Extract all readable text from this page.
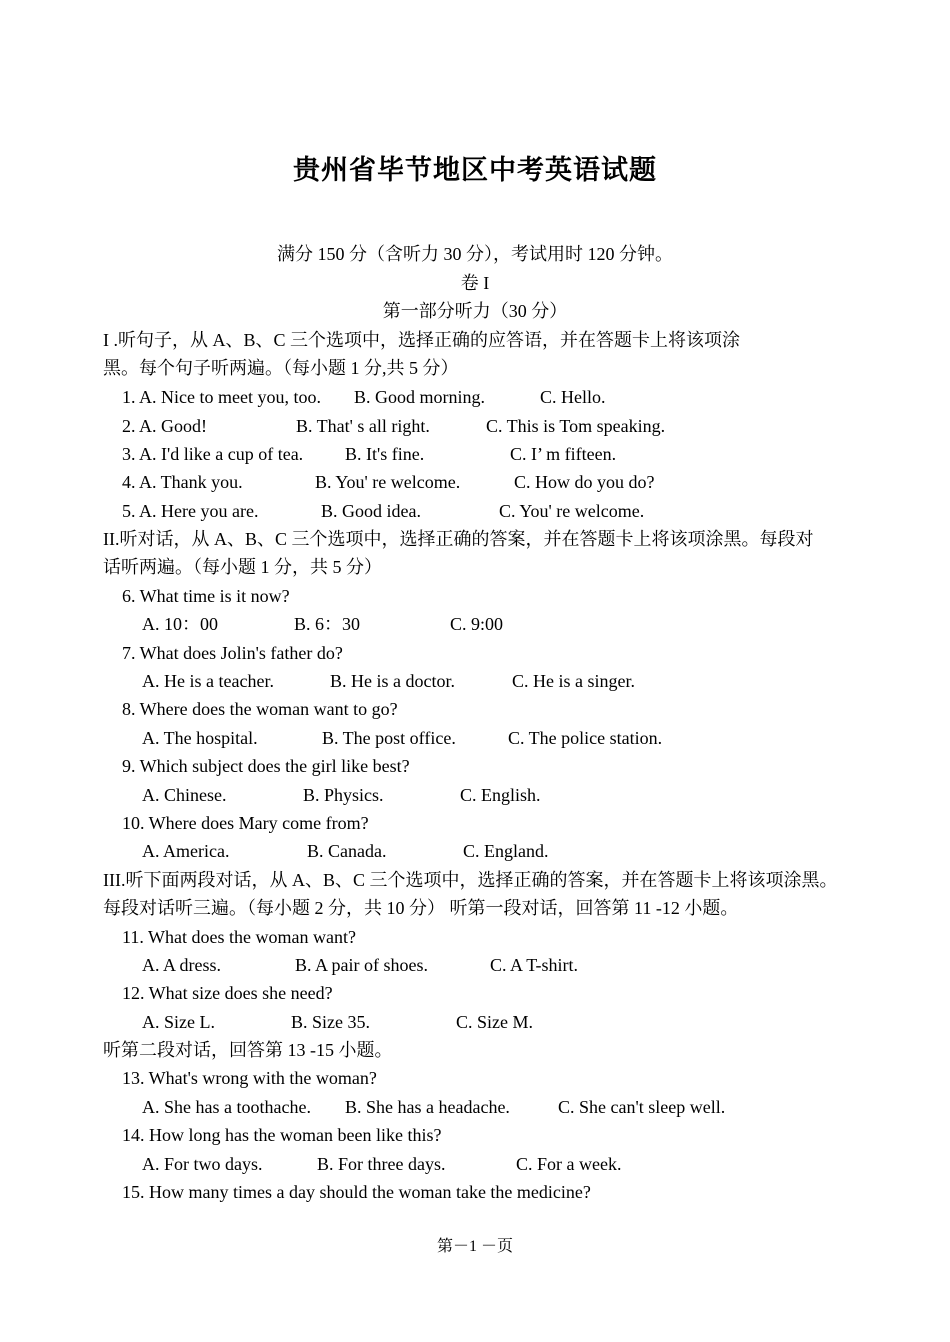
贵州省毕节地区中考英语试题
满分 150 分（含听力 30 分），考试用时 120 分钟。
卷 I
第一部分听力（30 分）
I .听句子，从 A、B、C 三个选项中，选择正确的应答语，并在答题卡上将该项涂
黑。每个句子听两遍。（每小题 1 分,共 5 分）
1. A. Nice to meet you, too. B. Good morning.	C. Hello.
2. A. Good!	B. That' s all right.	C. This is Tom speaking.
3. A. I'd like a cup of tea. B. It's fine.	C. I’ m fifteen.
4. A. Thank you.	B. You' re welcome.	C. How do you do?
5. A. Here you are.	B. Good idea.	C. You' re welcome.
II.听对话，从 A、B、C 三个选项中，选择正确的答案，并在答题卡上将该项涂黑。每段对
话听两遍。（每小题 1 分，共 5 分）
6. What time is it now?
A. 10：00	B. 6：30	C. 9:00
7. What does Jolin's father do?
A. He is a teacher.	B. He is a doctor.	C. He is a singer.
8. Where does the woman want to go?
A. The hospital.	B. The post office.	C. The police station.
9. Which subject does the girl like best?
A. Chinese.	B. Physics.	C. English.
10. Where does Mary come from?
A. America.	B. Canada.	C. England.
III.听下面两段对话，从 A、B、C 三个选项中，选择正确的答案，并在答题卡上将该项涂黑。
每段对话听三遍。（每小题 2 分，共 10 分） 听第一段对话，回答第 11 -12 小题。
11. What does the woman want?
A. A dress.	B. A pair of shoes.	C. A T-shirt.
12. What size does she need?
A. Size L.	B. Size 35.	C. Size M.
听第二段对话，回答第 13 -15 小题。
13. What's wrong with the woman?
A. She has a toothache. B. She has a headache.	C. She can't sleep well.
14. How long has the woman been like this?
A. For two days.	B. For three days.	C. For a week.
15. How many times a day should the woman take the medicine?
第－1 －页
